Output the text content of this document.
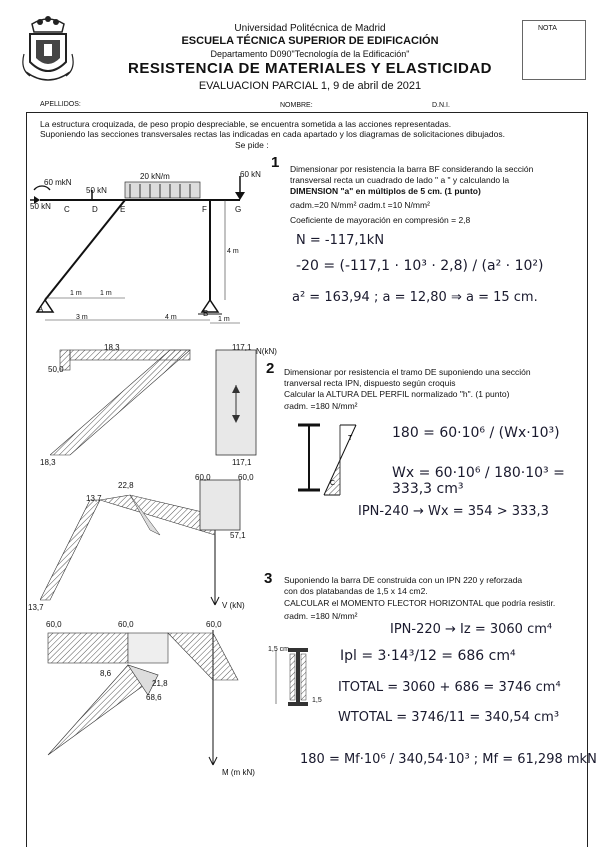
Universidad Politécnica de Madrid
ESCUELA TÉCNICA SUPERIOR DE EDIFICACIÓN
Departamento D090"Tecnología de la Edificación"
RESISTENCIA DE MATERIALES Y ELASTICIDAD
EVALUACION PARCIAL 1, 9 de abril de 2021
NOTA
APELLIDOS:	NOMBRE:	D.N.I.
La estructura croquizada, de peso propio despreciable, se encuentra sometida a las acciones representadas.
Suponiendo las secciones transversales rectas las indicadas en cada apartado y los diagramas de solicitaciones dibujados.
Se pide :
60 mkN
50 kN
50 kN
20 kN/m	60 kN
C	D	E	F	G
A	B
1 m	1 m
3 m	4 m	1 m
4 m
1 Dimensionar por resistencia la barra BF considerando la sección
transversal recta un cuadrado de lado " a " y calculando la
DIMENSION "a" en múltiplos de 5 cm. (1 punto)
σadm.=20 N/mm² σadm.t =10 N/mm²
Coeficiente de mayoración en compresión = 2,8
N = -117,1kN
-20 = (-117,1 · 10³ · 2,8) / (a² · 10²)
a² = 163,94 ; a = 12,80 ⇒ a = 15 cm.
18,3
50,0
18,3
117,1
117,1
N(kN)
2 Dimensionar por resistencia el tramo DE suponiendo una sección
tranversal recta IPN, dispuesto según croquis
Calcular la ALTURA DEL PERFIL normalizado "h". (1 punto)
σadm. =180 N/mm²
T
C
180 = 60·10⁶ / (Wx·10³)
Wx = 60·10⁶ / 180·10³ = 333,3 cm³
IPN-240 → Wx = 354 > 333,3
13,7
22,8
60,0	60,0
57,1
13,7	V (kN)
3 Suponiendo la barra DE construida con un IPN 220 y reforzada
con dos platabandas de 1,5 x 14 cm2.
CALCULAR el MOMENTO FLECTOR HORIZONTAL que podría resistir.
σadm. =180 N/mm²
1,5 cm
1,5
IPN-220 → Iz = 3060 cm⁴
Ipl = 3·14³/12 = 686 cm⁴
ITOTAL = 3060 + 686 = 3746 cm⁴
WTOTAL = 3746/11 = 340,54 cm³
180 = Mf·10⁶ / 340,54·10³ ; Mf = 61,298 mkN
60,0	60,0	60,0
8,6
21,8
68,6
M (m kN)
